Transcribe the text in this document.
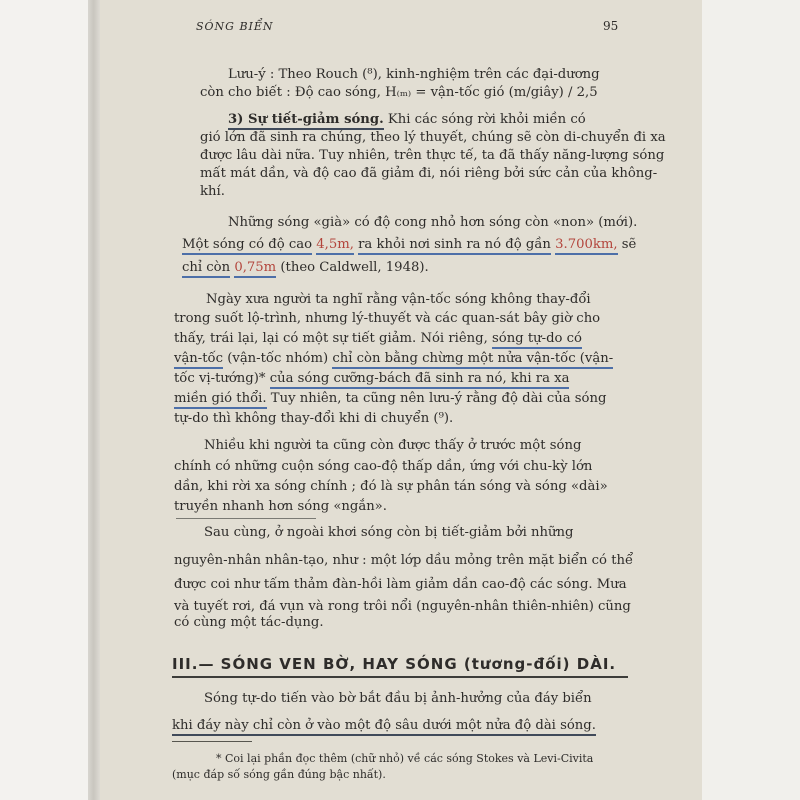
SÓNG BIỂN	95
Lưu-ý : Theo Rouch (⁸), kinh-nghiệm trên các đại-dương
còn cho biết : Độ cao sóng, H₍ₘ₎ = vận-tốc gió (m/giây) / 2,5
3) Sự tiết-giảm sóng. Khi các sóng rời khỏi miền có
gió lớn đã sinh ra chúng, theo lý thuyết, chúng sẽ còn di-chuyển đi xa
được lâu dài nữa. Tuy nhiên, trên thực tế, ta đã thấy năng-lượng sóng
mất mát dần, và độ cao đã giảm đi, nói riêng bởi sức cản của không-
khí.
Những sóng «già» có độ cong nhỏ hơn sóng còn «non» (mới).
Một sóng có độ cao 4,5m, ra khỏi nơi sinh ra nó độ gần 3.700km, sẽ
chỉ còn 0,75m (theo Caldwell, 1948).
Ngày xưa người ta nghĩ rằng vận-tốc sóng không thay-đổi
trong suốt lộ-trình, nhưng lý-thuyết và các quan-sát bây giờ cho
thấy, trái lại, lại có một sự tiết giảm. Nói riêng, sóng tự-do có
vận-tốc (vận-tốc nhóm) chỉ còn bằng chừng một nửa vận-tốc (vận-
tốc vị-tướng)* của sóng cưỡng-bách đã sinh ra nó, khi ra xa
miền gió thổi. Tuy nhiên, ta cũng nên lưu-ý rằng độ dài của sóng
tự-do thì không thay-đổi khi di chuyển (⁹).
Nhiều khi người ta cũng còn được thấy ở trước một sóng
chính có những cuộn sóng cao-độ thấp dần, ứng với chu-kỳ lớn
dần, khi rời xa sóng chính ; đó là sự phân tán sóng và sóng «dài»
truyền nhanh hơn sóng «ngắn».
Sau cùng, ở ngoài khơi sóng còn bị tiết-giảm bởi những
nguyên-nhân nhân-tạo, như : một lớp dầu mỏng trên mặt biển có thể
được coi như tấm thảm đàn-hồi làm giảm dần cao-độ các sóng. Mưa
và tuyết rơi, đá vụn và rong trôi nổi (nguyên-nhân thiên-nhiên) cũng
có cùng một tác-dụng.
III.— SÓNG VEN BỜ, HAY SÓNG (tương-đối) DÀI.
Sóng tự-do tiến vào bờ bắt đầu bị ảnh-hưởng của đáy biển
khi đáy này chỉ còn ở vào một độ sâu dưới một nửa độ dài sóng.
* Coi lại phần đọc thêm (chữ nhỏ) về các sóng Stokes và Levi-Civita
(mục đáp số sóng gần đúng bậc nhất).
